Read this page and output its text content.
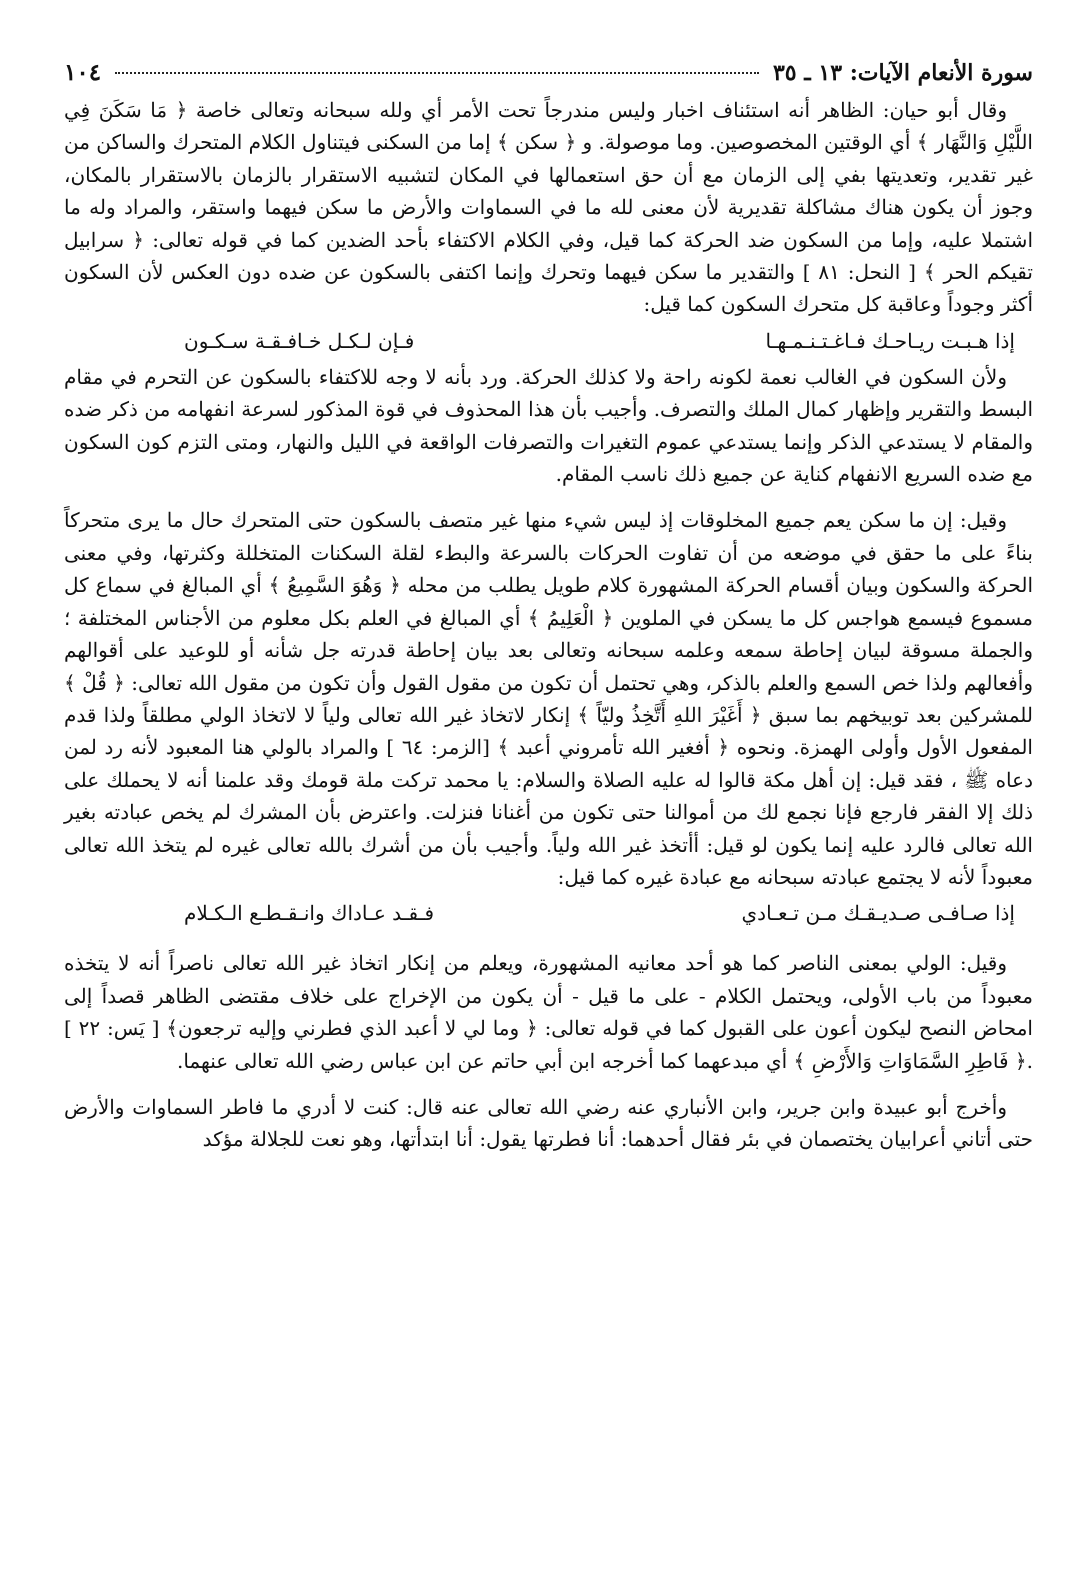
سورة الأنعام الآيات: ١٣ ـ ٣٥
١٠٤

وقال أبو حيان: الظاهر أنه استئناف اخبار وليس مندرجاً تحت الأمر أي ولله سبحانه وتعالى خاصة ﴿ مَا سَكَنَ فِي اللَّيْلِ وَالنَّهَار ﴾ أي الوقتين المخصوصين. وما موصولة. و ﴿ سكن ﴾ إما من السكنى فيتناول الكلام المتحرك والساكن من غير تقدير، وتعديتها بفي إلى الزمان مع أن حق استعمالها في المكان لتشبيه الاستقرار بالزمان بالاستقرار بالمكان، وجوز أن يكون هناك مشاكلة تقديرية لأن معنى لله ما في السماوات والأرض ما سكن فيهما واستقر، والمراد وله ما اشتملا عليه، وإما من السكون ضد الحركة كما قيل، وفي الكلام الاكتفاء بأحد الضدين كما في قوله تعالى: ﴿ سرابيل تقيكم الحر ﴾ [ النحل: ٨١ ] والتقدير ما سكن فيهما وتحرك وإنما اكتفى بالسكون عن ضده دون العكس لأن السكون أكثر وجوداً وعاقبة كل متحرك السكون كما قيل:

إذا هـبـت ريـاحـك فـاغـتـنـمـهـا
فـإن لـكـل خـافـقـة سـكـون

ولأن السكون في الغالب نعمة لكونه راحة ولا كذلك الحركة. ورد بأنه لا وجه للاكتفاء بالسكون عن التحرم في مقام البسط والتقرير وإظهار كمال الملك والتصرف. وأجيب بأن هذا المحذوف في قوة المذكور لسرعة انفهامه من ذكر ضده والمقام لا يستدعي الذكر وإنما يستدعي عموم التغيرات والتصرفات الواقعة في الليل والنهار، ومتى التزم كون السكون مع ضده السريع الانفهام كناية عن جميع ذلك ناسب المقام.

وقيل: إن ما سكن يعم جميع المخلوقات إذ ليس شيء منها غير متصف بالسكون حتى المتحرك حال ما يرى متحركاً بناءً على ما حقق في موضعه من أن تفاوت الحركات بالسرعة والبطء لقلة السكنات المتخللة وكثرتها، وفي معنى الحركة والسكون وبيان أقسام الحركة المشهورة كلام طويل يطلب من محله ﴿ وَهُوَ السَّمِيعُ ﴾ أي المبالغ في سماع كل مسموع فيسمع هواجس كل ما يسكن في الملوين ﴿ الْعَلِيمُ ﴾ أي المبالغ في العلم بكل معلوم من الأجناس المختلفة ؛ والجملة مسوقة لبيان إحاطة سمعه وعلمه سبحانه وتعالى بعد بيان إحاطة قدرته جل شأنه أو للوعيد على أقوالهم وأفعالهم ولذا خص السمع والعلم بالذكر، وهي تحتمل أن تكون من مقول القول وأن تكون من مقول الله تعالى: ﴿ قُلْ ﴾ للمشركين بعد توبيخهم بما سبق ﴿ أَغَيْرَ اللهِ أَتَّخِذُ وليّاً ﴾ إنكار لاتخاذ غير الله تعالى ولياً لا لاتخاذ الولي مطلقاً ولذا قدم المفعول الأول وأولى الهمزة. ونحوه ﴿ أفغير الله تأمروني أعبد ﴾ [الزمر: ٦٤ ] والمراد بالولي هنا المعبود لأنه رد لمن دعاه ﷺ ، فقد قيل: إن أهل مكة قالوا له عليه الصلاة والسلام: يا محمد تركت ملة قومك وقد علمنا أنه لا يحملك على ذلك إلا الفقر فارجع فإنا نجمع لك من أموالنا حتى تكون من أغنانا فنزلت. واعترض بأن المشرك لم يخص عبادته بغير الله تعالى فالرد عليه إنما يكون لو قيل: أأتخذ غير الله ولياً. وأجيب بأن من أشرك بالله تعالى غيره لم يتخذ الله تعالى معبوداً لأنه لا يجتمع عبادته سبحانه مع عبادة غيره كما قيل:

إذا صـافـى صـديـقـك مـن تـعـادي
فـقـد عـاداك وانـقـطـع الـكـلام

وقيل: الولي بمعنى الناصر كما هو أحد معانيه المشهورة، ويعلم من إنكار اتخاذ غير الله تعالى ناصراً أنه لا يتخذه معبوداً من باب الأولى، ويحتمل الكلام - على ما قيل - أن يكون من الإخراج على خلاف مقتضى الظاهر قصداً إلى امحاض النصح ليكون أعون على القبول كما في قوله تعالى: ﴿ وما لي لا أعبد الذي فطرني وإليه ترجعون﴾ [ يَس: ٢٢ ] .﴿ فَاطِرِ السَّمَاوَاتِ وَالأَرْضِ ﴾ أي مبدعهما كما أخرجه ابن أبي حاتم عن ابن عباس رضي الله تعالى عنهما.

وأخرج أبو عبيدة وابن جرير، وابن الأنباري عنه رضي الله تعالى عنه قال: كنت لا أدري ما فاطر السماوات والأرض حتى أتاني أعرابيان يختصمان في بئر فقال أحدهما: أنا فطرتها يقول: أنا ابتدأتها، وهو نعت للجلالة مؤكد
